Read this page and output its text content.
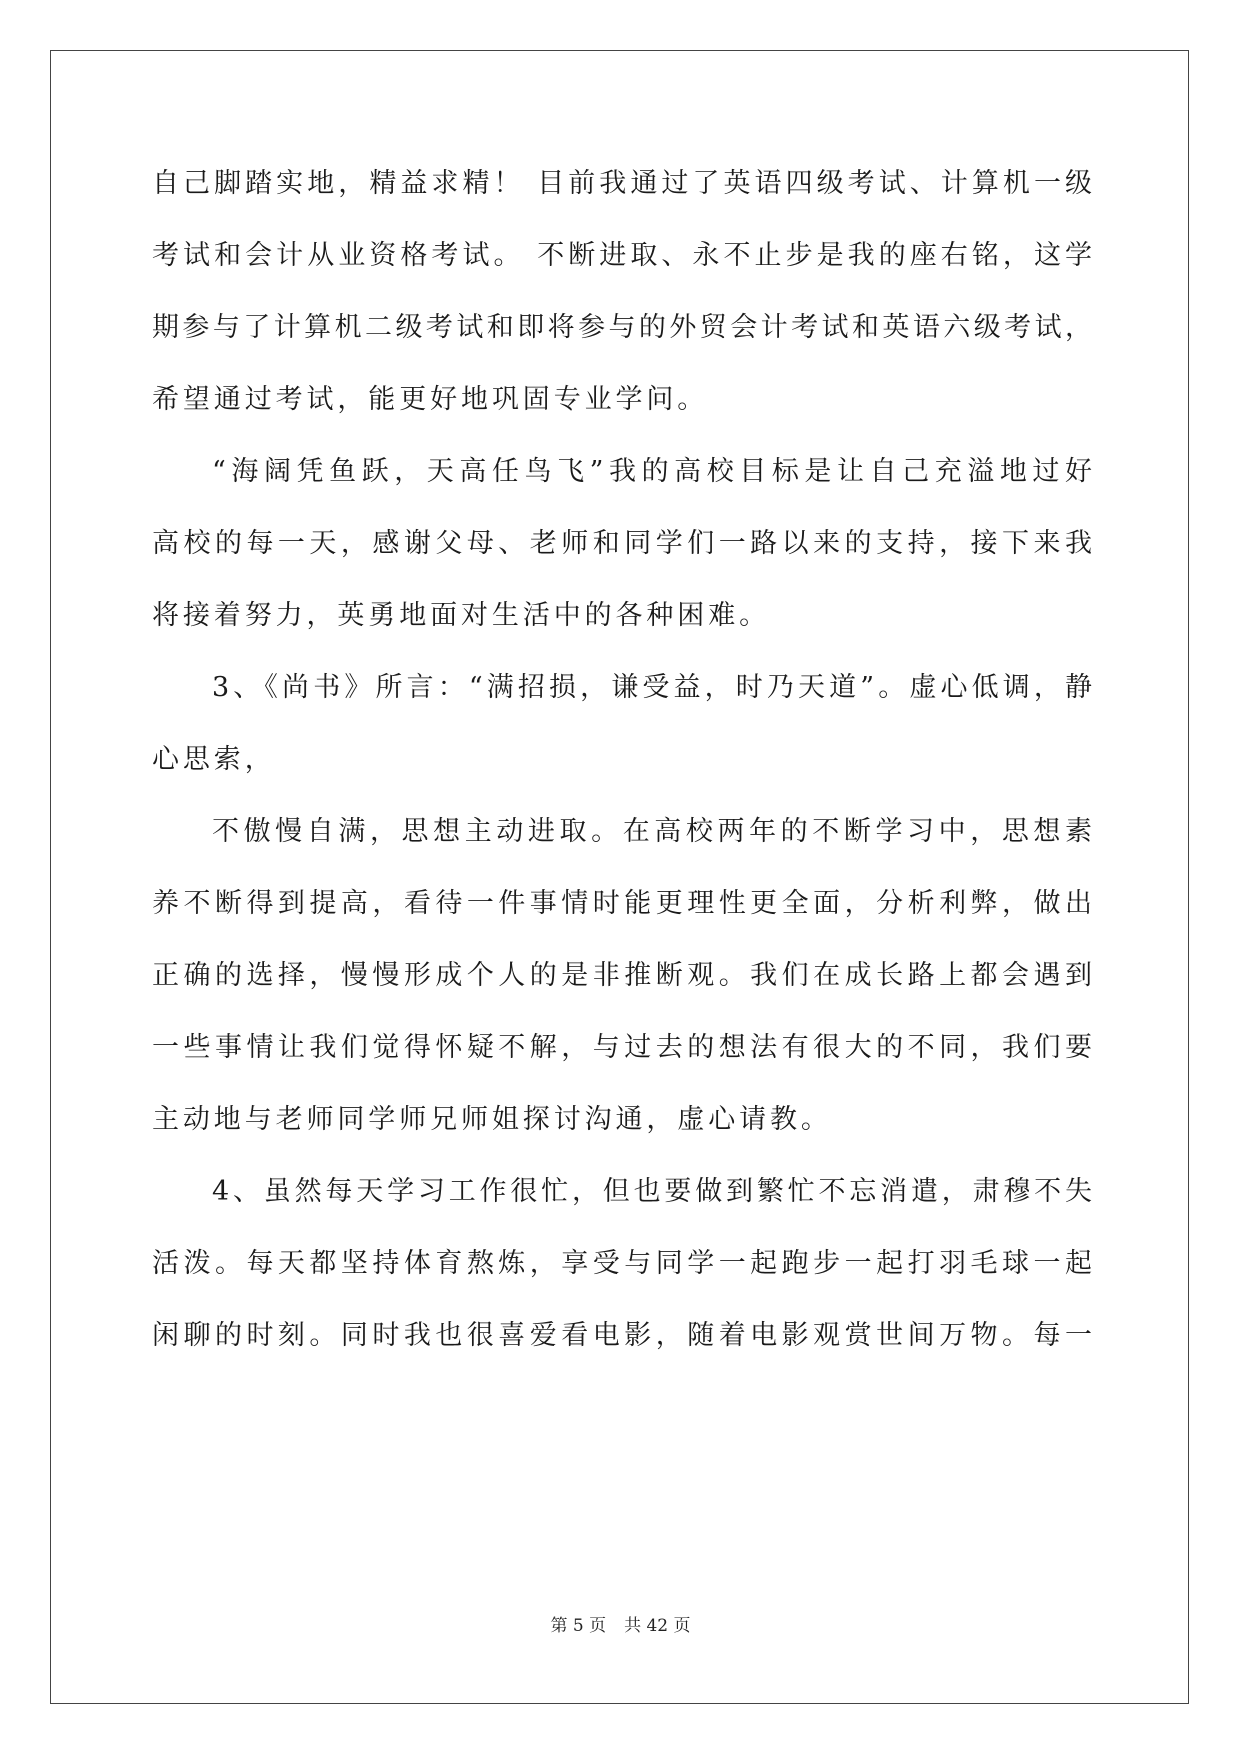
自己脚踏实地，精益求精！ 目前我通过了英语四级考试、计算机一级
考试和会计从业资格考试。 不断进取、永不止步是我的座右铭，这学
期参与了计算机二级考试和即将参与的外贸会计考试和英语六级考试，
希望通过考试，能更好地巩固专业学问。
“海阔凭鱼跃，天高任鸟飞”我的高校目标是让自己充溢地过好
高校的每一天，感谢父母、老师和同学们一路以来的支持，接下来我
将接着努力，英勇地面对生活中的各种困难。
3、《尚书》所言：“满招损，谦受益，时乃天道”。虚心低调，静
心思索，
不傲慢自满，思想主动进取。在高校两年的不断学习中，思想素
养不断得到提高，看待一件事情时能更理性更全面，分析利弊，做出
正确的选择，慢慢形成个人的是非推断观。我们在成长路上都会遇到
一些事情让我们觉得怀疑不解，与过去的想法有很大的不同，我们要
主动地与老师同学师兄师姐探讨沟通，虚心请教。
4、虽然每天学习工作很忙，但也要做到繁忙不忘消遣，肃穆不失
活泼。每天都坚持体育熬炼，享受与同学一起跑步一起打羽毛球一起
闲聊的时刻。同时我也很喜爱看电影，随着电影观赏世间万物。每一
第 5 页 共 42 页
